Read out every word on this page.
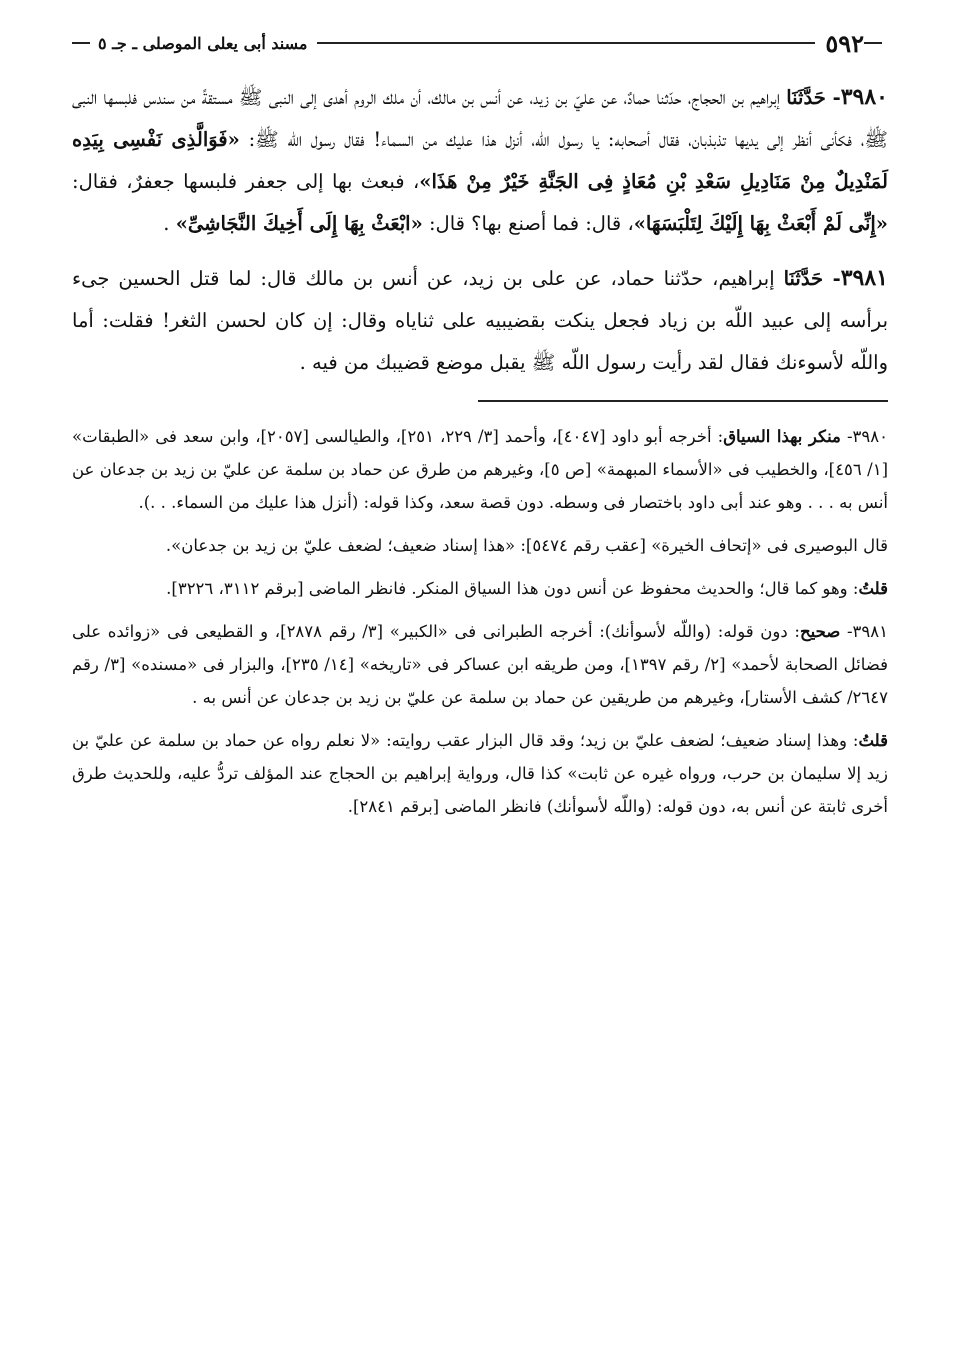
٥٩٢
مسند أبى يعلى الموصلى ـ جـ ٥

٣٩٨٠- حَدَّثَنَا إبراهيم بن الحجاج، حدّثنا حمادٌ، عن عليّ بن زيد، عن أنس بن مالك، أن ملك الروم أهدى إلى النبى ﷺ مستقةً من سندس فلبسها النبى ﷺ، فكأنى أنظر إلى يديها تذبذبان، فقال أصحابه: يا رسول اللّه، أنزل هذا عليك من السماء! فقال رسول اللّه ﷺ: «فَوَالَّذِى نَفْسِى بِيَدِه لَمَنْدِيلٌ مِنْ مَنَادِيلِ سَعْدِ بْنِ مُعَاذٍ فِى الجَنَّةِ خَيْرٌ مِنْ هَذَا»، فبعث بها إلى جعفر فلبسها جعفرٌ، فقال: «إِنِّى لَمْ أَبْعَثْ بِهَا إِلَيْكَ لِتَلْبَسَهَا»، قال: فما أصنع بها؟ قال: «ابْعَثْ بِهَا إِلَى أَخِيكَ النَّجَاشِىِّ» .

٣٩٨١- حَدَّثَنَا إبراهيم، حدّثنا حماد، عن على بن زيد، عن أنس بن مالك قال: لما قتل الحسين جىء برأسه إلى عبيد اللّه بن زياد فجعل ينكت بقضيبيه على ثناياه وقال: إن كان لحسن الثغر! فقلت: أما واللّه لأسوءنك فقال لقد رأيت رسول اللّه ﷺ يقبل موضع قضيبك من فيه .

٣٩٨٠- منكر بهذا السياق: أخرجه أبو داود [٤٠٤٧]، وأحمد [٣/ ٢٢٩، ٢٥١]، والطيالسى [٢٠٥٧]، وابن سعد فى «الطبقات» [١/ ٤٥٦]، والخطيب فى «الأسماء المبهمة» [ص ٥]، وغيرهم من طرق عن حماد بن سلمة عن عليّ بن زيد بن جدعان عن أنس به . . . وهو عند أبى داود باختصار فى وسطه. دون قصة سعد، وكذا قوله: (أنزل هذا عليك من السماء. . .).

قال البوصيرى فى «إتحاف الخيرة» [عقب رقم ٥٤٧٤]: «هذا إسناد ضعيف؛ لضعف عليّ بن زيد بن جدعان».

قلتُ: وهو كما قال؛ والحديث محفوظ عن أنس دون هذا السياق المنكر. فانظر الماضى [برقم ٣١١٢، ٣٢٢٦].

٣٩٨١- صحيح: دون قوله: (واللّه لأسوأنك): أخرجه الطبرانى فى «الكبير» [٣/ رقم ٢٨٧٨]، و القطيعى فى «زوائده على فضائل الصحابة لأحمد» [٢/ رقم ١٣٩٧]، ومن طريقه ابن عساكر فى «تاريخه» [١٤/ ٢٣٥]، والبزار فى «مسنده» [٣/ رقم ٢٦٤٧/ كشف الأستار]، وغيرهم من طريقين عن حماد بن سلمة عن عليّ بن زيد بن جدعان عن أنس به .

قلتُ: وهذا إسناد ضعيف؛ لضعف عليّ بن زيد؛ وقد قال البزار عقب روايته: «لا نعلم رواه عن حماد بن سلمة عن عليّ بن زيد إلا سليمان بن حرب، ورواه غيره عن ثابت» كذا قال، ورواية إبراهيم بن الحجاج عند المؤلف تردُّ عليه، وللحديث طرق أخرى ثابتة عن أنس به، دون قوله: (واللّه لأسوأنك) فانظر الماضى [برقم ٢٨٤١].
